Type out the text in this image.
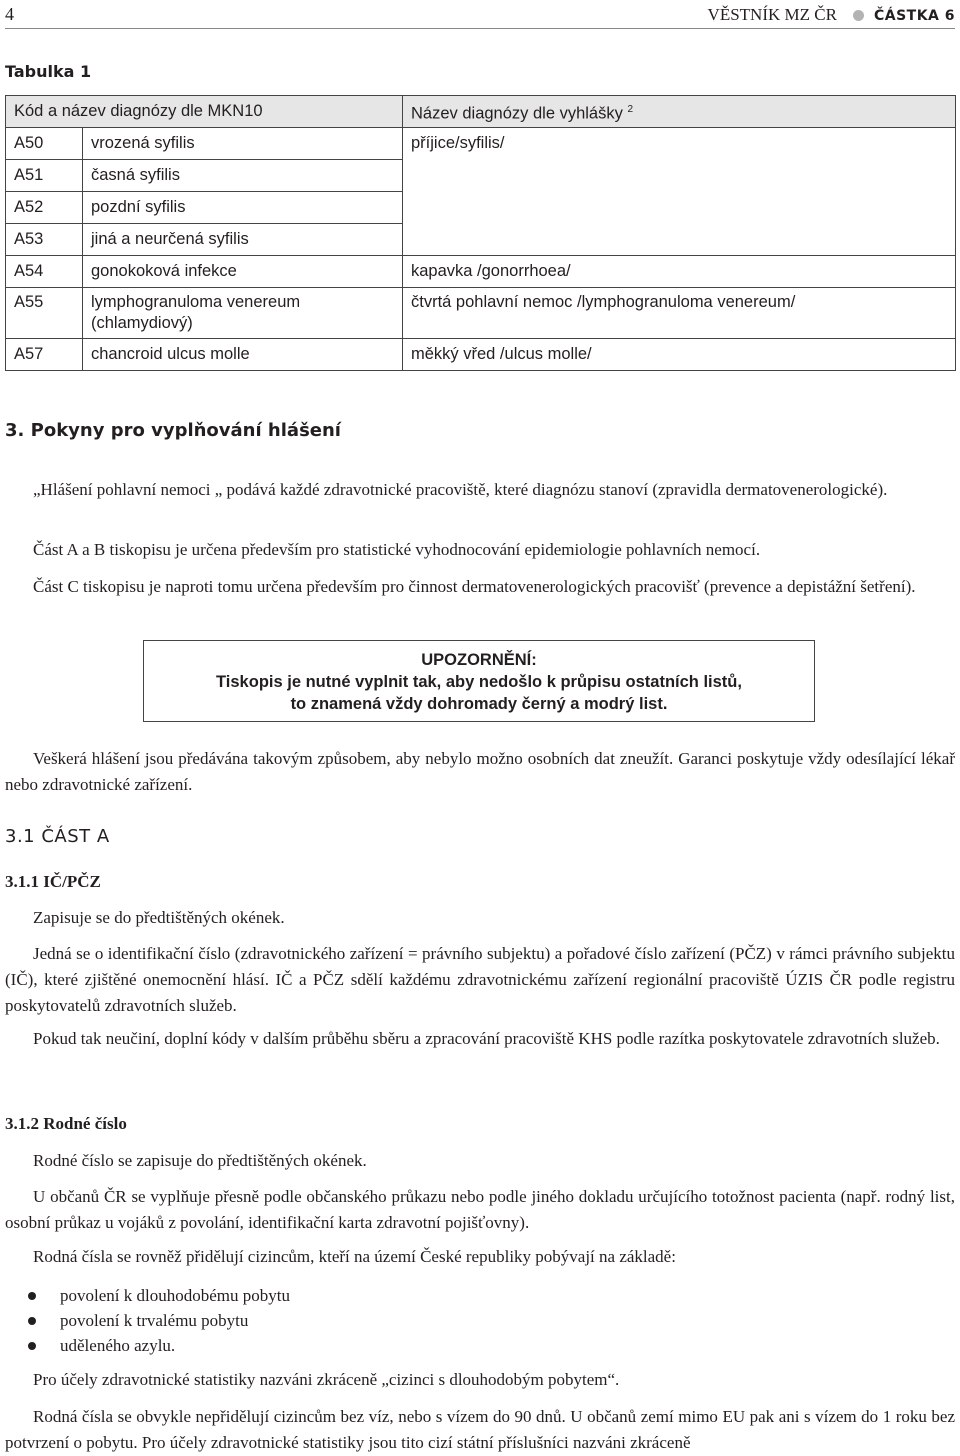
4	VĚSTNÍK MZ ČR	ČÁSTKA 6
Tabulka 1
Kód a název diagnózy dle MKN10		Název diagnózy dle vyhlášky $^2$
A50	vrozená syfilis	příjice/syfilis/
A51	časná syfilis	
A52	pozdní syfilis	
A53	jiná a neurčená syfilis	
A54	gonokoková infekce	kapavka /gonorrhoea/
A55	lymphogranuloma venereum (chlamydiový)	čtvrtá pohlavní nemoc /lymphogranuloma venereum/
A57	chancroid ulcus molle	měkký vřed /ulcus molle/
3. Pokyny pro vyplňování hlášení

„Hlášení pohlavní nemoci „ podává každé zdravotnické pracoviště, které diagnózu stanoví (zpravidla dermatovenerologické).

Část A a B tiskopisu je určena především pro statistické vyhodnocování epidemiologie pohlavních nemocí.

Část C tiskopisu je naproti tomu určena především pro činnost dermatovenerologických pracovišť (prevence a depistážní šetření).

UPOZORNĚNÍ:
Tiskopis je nutné vyplnit tak, aby nedošlo k průpisu ostatních listů,
to znamená vždy dohromady černý a modrý list.

Veškerá hlášení jsou předávána takovým způsobem, aby nebylo možno osobních dat zneužít. Garanci poskytuje vždy odesílající lékař nebo zdravotnické zařízení.

3.1 ČÁST A
3.1.1 IČ/PČZ

Zapisuje se do předtištěných okének.

Jedná se o identifikační číslo (zdravotnického zařízení = právního subjektu) a pořadové číslo zařízení (PČZ) v rámci právního subjektu (IČ), které zjištěné onemocnění hlásí. IČ a PČZ sdělí každému zdravotnickému zařízení regionální pracoviště ÚZIS ČR podle registru poskytovatelů zdravotních služeb.

Pokud tak neučiní, doplní kódy v dalším průběhu sběru a zpracování pracoviště KHS podle razítka poskytovatele zdravotních služeb.

3.1.2 Rodné číslo

Rodné číslo se zapisuje do předtištěných okének.

U občanů ČR se vyplňuje přesně podle občanského průkazu nebo podle jiného dokladu určujícího totožnost pacienta (např. rodný list, osobní průkaz u vojáků z povolání, identifikační karta zdravotní pojišťovny).

Rodná čísla se rovněž přidělují cizincům, kteří na území České republiky pobývají na základě:

povolení k dlouhodobému pobytu
povolení k trvalému pobytu
uděleného azylu.

Pro účely zdravotnické statistiky nazváni zkráceně „cizinci s dlouhodobým pobytem“.

Rodná čísla se obvykle nepřidělují cizincům bez víz, nebo s vízem do 90 dnů. U občanů zemí mimo EU pak ani s vízem do 1 roku bez potvrzení o pobytu. Pro účely zdravotnické statistiky jsou tito cizí státní příslušníci nazváni zkráceně
